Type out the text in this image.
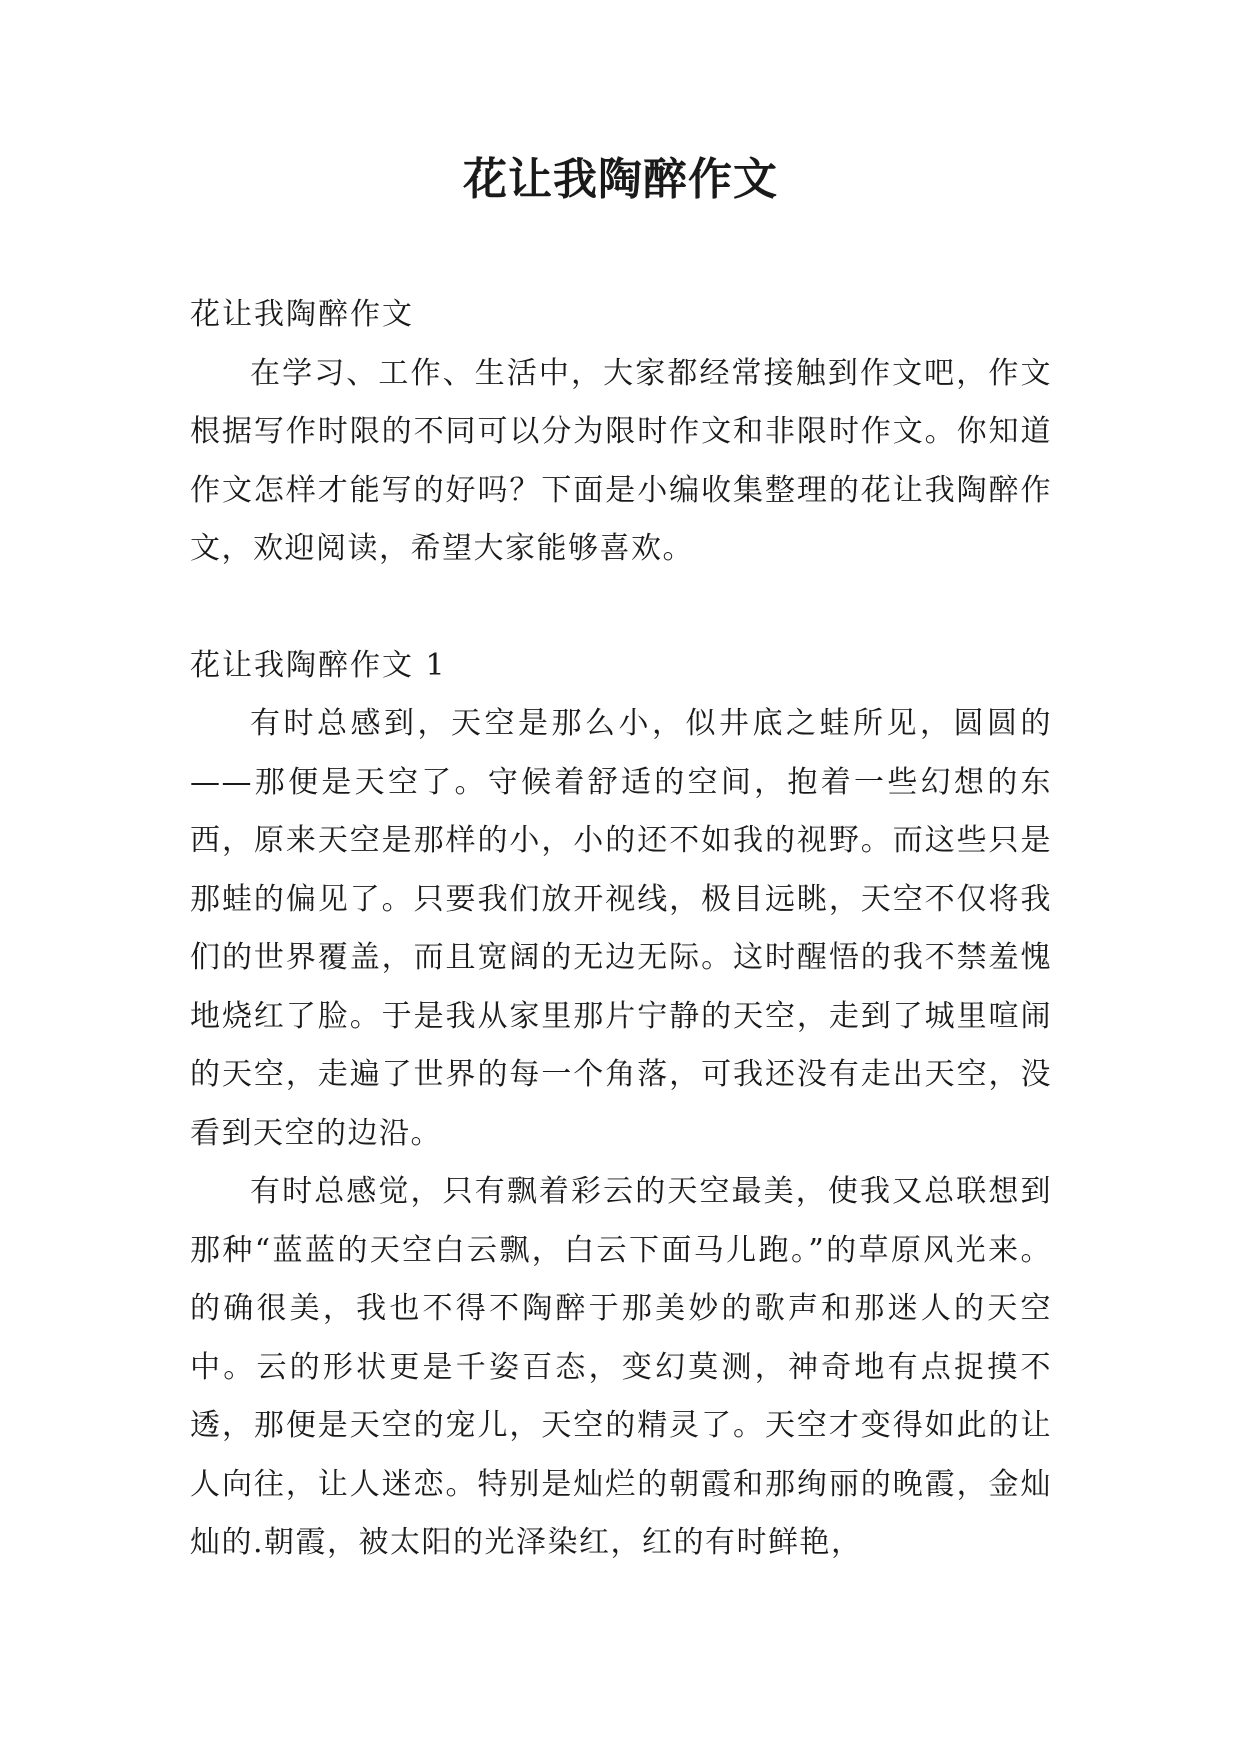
花让我陶醉作文

花让我陶醉作文

在学习、工作、生活中，大家都经常接触到作文吧，作文根据写作时限的不同可以分为限时作文和非限时作文。你知道作文怎样才能写的好吗？下面是小编收集整理的花让我陶醉作文，欢迎阅读，希望大家能够喜欢。

花让我陶醉作文 1

有时总感到，天空是那么小，似井底之蛙所见，圆圆的——那便是天空了。守候着舒适的空间，抱着一些幻想的东西，原来天空是那样的小，小的还不如我的视野。而这些只是那蛙的偏见了。只要我们放开视线，极目远眺，天空不仅将我们的世界覆盖，而且宽阔的无边无际。这时醒悟的我不禁羞愧地烧红了脸。于是我从家里那片宁静的天空，走到了城里喧闹的天空，走遍了世界的每一个角落，可我还没有走出天空，没看到天空的边沿。

有时总感觉，只有飘着彩云的天空最美，使我又总联想到那种“蓝蓝的天空白云飘，白云下面马儿跑。”的草原风光来。的确很美，我也不得不陶醉于那美妙的歌声和那迷人的天空中。云的形状更是千姿百态，变幻莫测，神奇地有点捉摸不透，那便是天空的宠儿，天空的精灵了。天空才变得如此的让人向往，让人迷恋。特别是灿烂的朝霞和那绚丽的晚霞，金灿灿的.朝霞，被太阳的光泽染红，红的有时鲜艳，
